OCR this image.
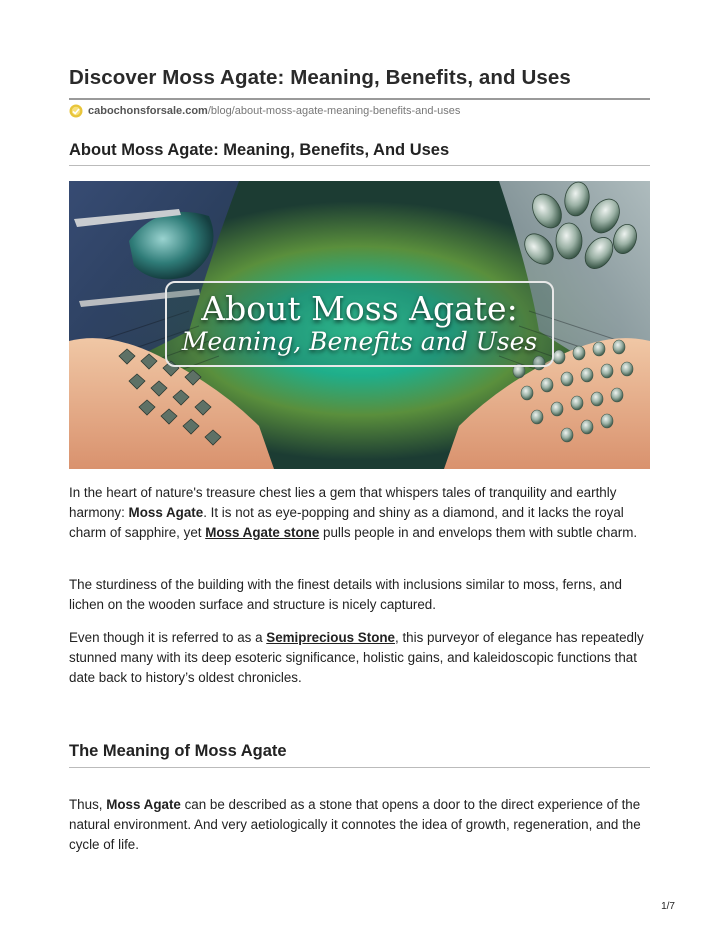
Discover Moss Agate: Meaning, Benefits, and Uses
cabochonsforsale.com/blog/about-moss-agate-meaning-benefits-and-uses
About Moss Agate: Meaning, Benefits, And Uses
About Moss Agate:
Meaning, Benefits and Uses

In the heart of nature's treasure chest lies a gem that whispers tales of tranquility and earthly harmony: Moss Agate. It is not as eye-popping and shiny as a diamond, and it lacks the royal charm of sapphire, yet Moss Agate stone pulls people in and envelops them with subtle charm.

The sturdiness of the building with the finest details with inclusions similar to moss, ferns, and lichen on the wooden surface and structure is nicely captured.

Even though it is referred to as a Semiprecious Stone, this purveyor of elegance has repeatedly stunned many with its deep esoteric significance, holistic gains, and kaleidoscopic functions that date back to history’s oldest chronicles.

The Meaning of Moss Agate

Thus, Moss Agate can be described as a stone that opens a door to the direct experience of the natural environment. And very aetiologically it connotes the idea of growth, regeneration, and the cycle of life.

1/7
